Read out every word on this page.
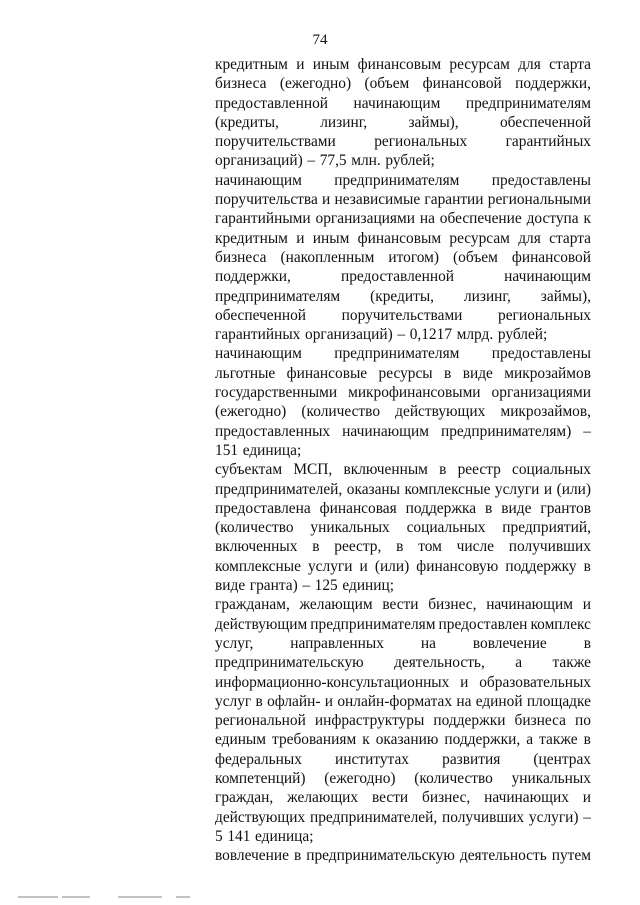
74
кредитным и иным финансовым ресурсам для старта
бизнеса (ежегодно) (объем финансовой поддержки,
предоставленной начинающим предпринимателям
(кредиты,	лизинг,	займы),	обеспеченной
поручительствами региональных гарантийных
организаций) – 77,5 млн. рублей;
начинающим предпринимателям предоставлены
поручительства и независимые гарантии региональными
гарантийными организациями на обеспечение доступа к
кредитным и иным финансовым ресурсам для старта
бизнеса (накопленным итогом) (объем финансовой
поддержки,	предоставленной	начинающим
предпринимателям (кредиты, лизинг, займы),
обеспеченной поручительствами региональных
гарантийных организаций) – 0,1217 млрд. рублей;
начинающим предпринимателям предоставлены
льготные финансовые ресурсы в виде микрозаймов
государственными микрофинансовыми организациями
(ежегодно) (количество действующих микрозаймов,
предоставленных начинающим предпринимателям) –
151 единица;
субъектам МСП, включенным в реестр социальных
предпринимателей, оказаны комплексные услуги и (или)
предоставлена финансовая поддержка в виде грантов
(количество уникальных социальных предприятий,
включенных в реестр, в том числе получивших
комплексные услуги и (или) финансовую поддержку в
виде гранта) – 125 единиц;
гражданам, желающим вести бизнес, начинающим и
действующим предпринимателям предоставлен комплекс
услуг, направленных на вовлечение в
предпринимательскую деятельность, а также
информационно-консультационных и образовательных
услуг в офлайн- и онлайн-форматах на единой площадке
региональной инфраструктуры поддержки бизнеса по
единым требованиям к оказанию поддержки, а также в
федеральных институтах развития (центрах
компетенций) (ежегодно) (количество уникальных
граждан, желающих вести бизнес, начинающих и
действующих предпринимателей, получивших услуги) –
5 141 единица;
вовлечение в предпринимательскую деятельность путем
